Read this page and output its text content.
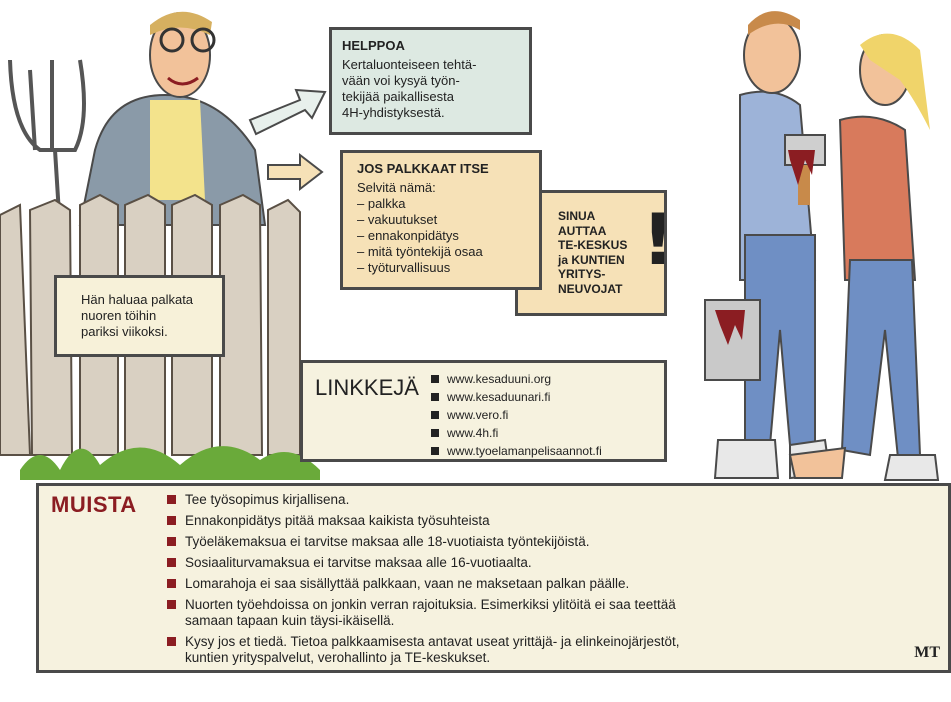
HELPPOA
Kertaluonteiseen tehtä-
vään voi kysyä työn-
tekijää paikallisesta
4H-yhdistyksestä.
SINUA
AUTTAA
TE-KESKUS
ja KUNTIEN
YRITYS-
NEUVOJAT
!
JOS PALKKAAT ITSE
Selvitä nämä:
– palkka
– vakuutukset
– ennakonpidätys
– mitä työntekijä osaa
– työturvallisuus
Hän haluaa palkata
nuoren töihin
pariksi viikoksi.
LINKKEJÄ	www.kesaduuni.org
www.kesaduunari.fi
www.vero.fi
www.4h.fi
www.tyoelamanpelisaannot.fi
MUISTA	Tee työsopimus kirjallisena.
Ennakonpidätys pitää maksaa kaikista työsuhteista
Työeläkemaksua ei tarvitse maksaa alle 18-vuotiaista työntekijöistä.
Sosiaaliturvamaksua ei tarvitse maksaa alle 16-vuotiaalta.
Lomarahoja ei saa sisällyttää palkkaan, vaan ne maksetaan palkan päälle.
Nuorten työehdoissa on jonkin verran rajoituksia. Esimerkiksi ylitöitä ei saa teettää
samaan tapaan kuin täysi-ikäisellä.
Kysy jos et tiedä. Tietoa palkkaamisesta antavat useat yrittäjä- ja elinkeinojärjestöt,
kuntien yrityspalvelut, verohallinto ja TE-keskukset.	MT
